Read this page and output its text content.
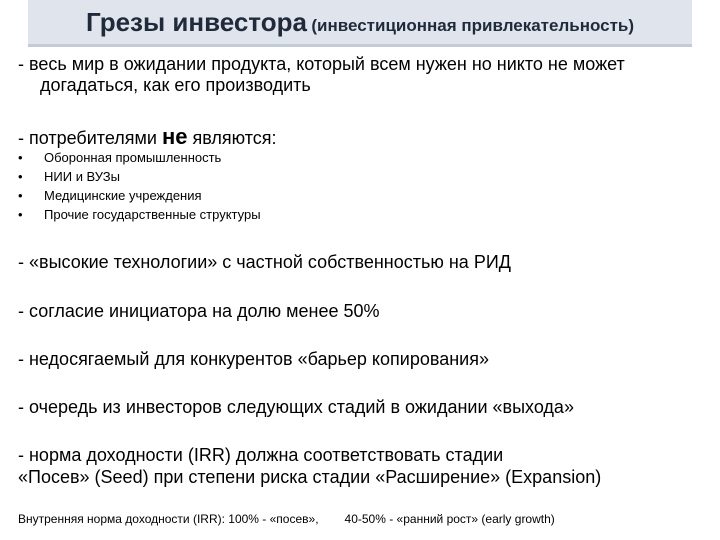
Грезы инвестора (инвестиционная привлекательность)
- весь мир в ожидании продукта, который всем нужен но никто не может
догадаться, как его производить
- потребителями не являются:
• Оборонная промышленность
• НИИ и ВУЗы
• Медицинские учреждения
• Прочие государственные структуры
- «высокие технологии» с частной собственностью на РИД
- согласие инициатора на долю менее 50%
- недосягаемый для конкурентов «барьер копирования»
- очередь из инвесторов следующих стадий в ожидании «выхода»
- норма доходности (IRR) должна соответствовать стадии
«Посев» (Seed) при степени риска стадии «Расширение» (Expansion)
Внутренняя норма доходности (IRR): 100% - «посев», 40-50% - «ранний рост» (early growth)
